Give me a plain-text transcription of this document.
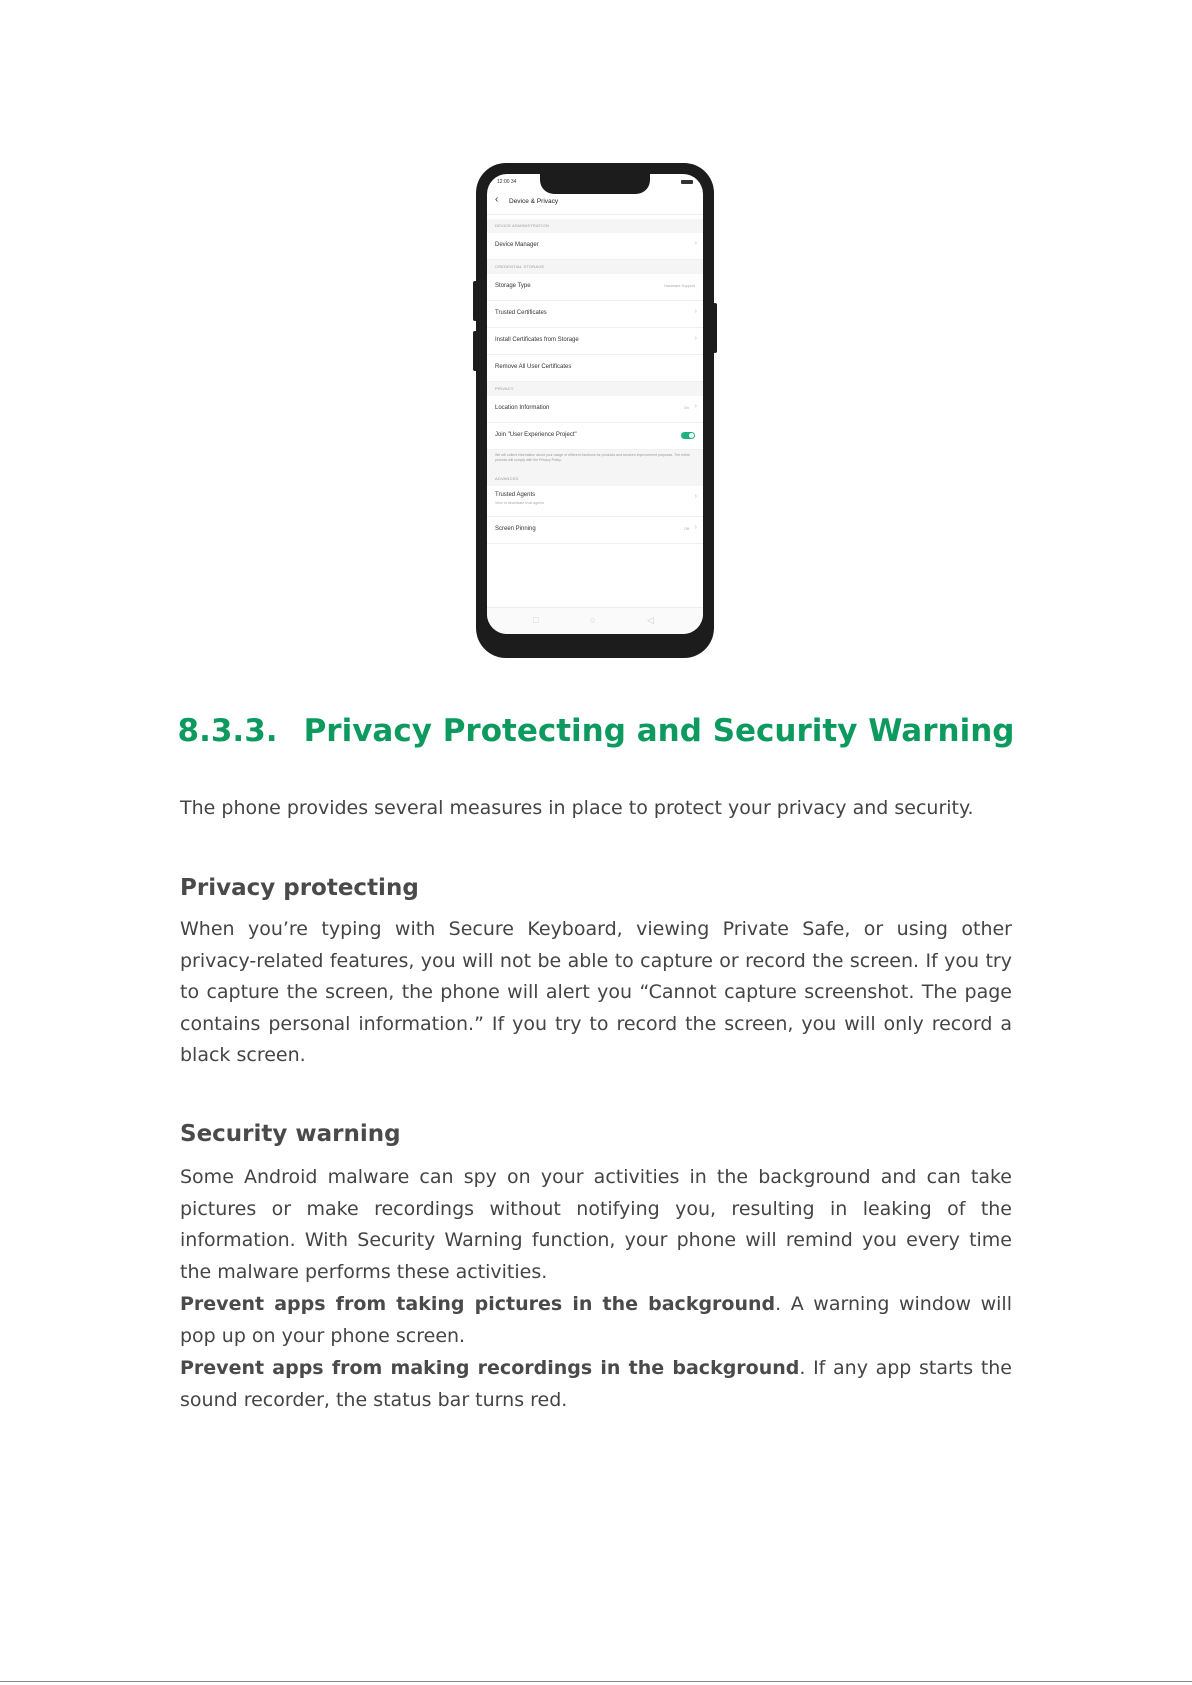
12:00 34
‹ Device & Privacy
DEVICE ADMINISTRATION
Device Manager	›
CREDENTIAL STORAGE
Storage Type	Hardware Support
Trusted Certificates	›
Install Certificates from Storage	›
Remove All User Certificates
PRIVACY
Location Information	On ›
Join "User Experience Project"
We will collect information about your usage of different functions for products and services improvement purposes. The entire process will comply with the Privacy Policy.
ADVANCED
Trusted Agents
View or deactivate trust agents
›
Screen Pinning	Off ›
□	○	◁
8.3.3. Privacy Protecting and Security Warning
The phone provides several measures in place to protect your privacy and security.
Privacy protecting
When you’re typing with Secure Keyboard, viewing Private Safe, or using other privacy-related features, you will not be able to capture or record the screen. If you try to capture the screen, the phone will alert you “Cannot capture screenshot. The page contains personal information.” If you try to record the screen, you will only record a black screen.
Security warning
Some Android malware can spy on your activities in the background and can take pictures or make recordings without notifying you, resulting in leaking of the information. With Security Warning function, your phone will remind you every time the malware performs these activities.
Prevent apps from taking pictures in the background. A warning window will pop up on your phone screen.
Prevent apps from making recordings in the background. If any app starts the sound recorder, the status bar turns red.
